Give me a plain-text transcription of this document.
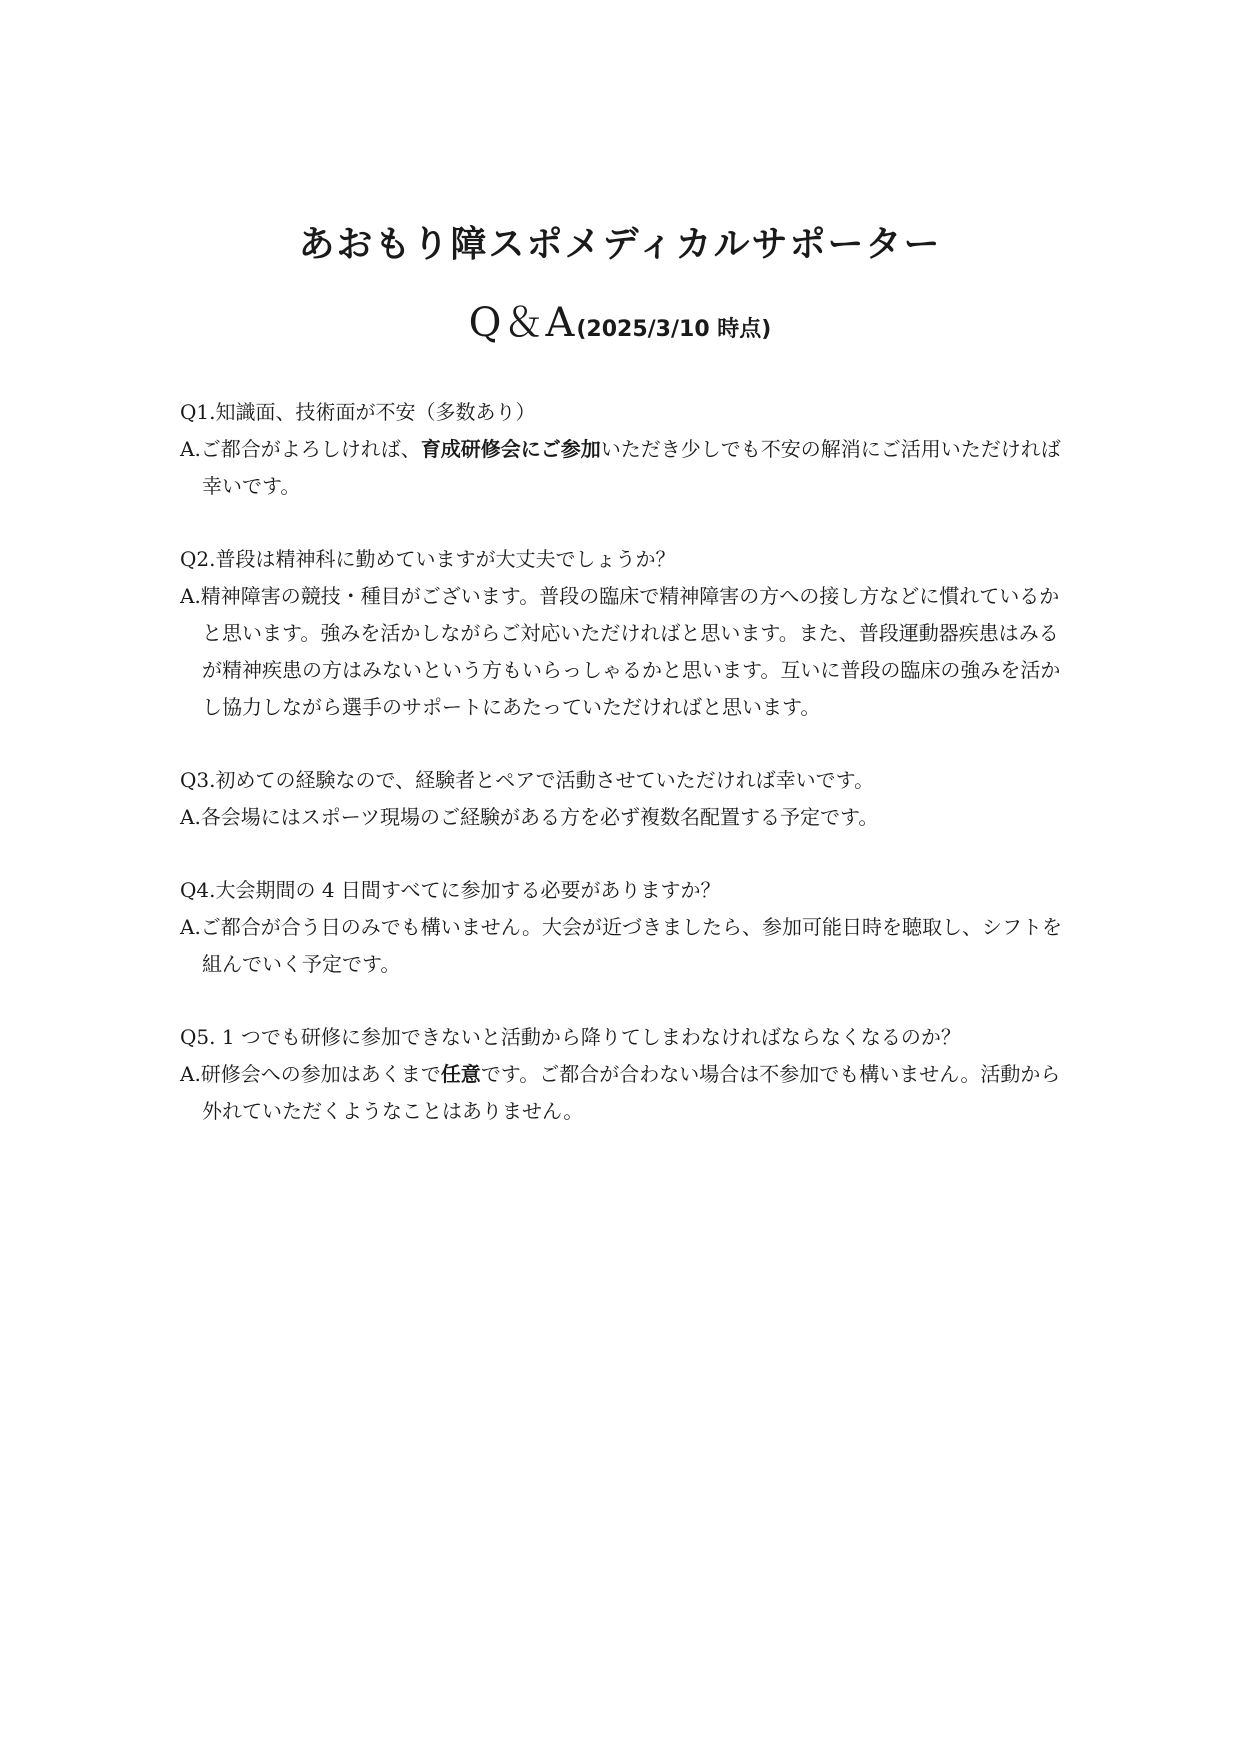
あおもり障スポメディカルサポーター
Q＆A(2025/3/10 時点)

Q1.知識面、技術面が不安（多数あり）

A.ご都合がよろしければ、育成研修会にご参加いただき少しでも不安の解消にご活用いただければ幸いです。

Q2.普段は精神科に勤めていますが大丈夫でしょうか？

A.精神障害の競技・種目がございます。普段の臨床で精神障害の方への接し方などに慣れているかと思います。強みを活かしながらご対応いただければと思います。また、普段運動器疾患はみるが精神疾患の方はみないという方もいらっしゃるかと思います。互いに普段の臨床の強みを活かし協力しながら選手のサポートにあたっていただければと思います。

Q3.初めての経験なので、経験者とペアで活動させていただければ幸いです。

A.各会場にはスポーツ現場のご経験がある方を必ず複数名配置する予定です。

Q4.大会期間の 4 日間すべてに参加する必要がありますか？

A.ご都合が合う日のみでも構いません。大会が近づきましたら、参加可能日時を聴取し、シフトを組んでいく予定です。

Q5. 1 つでも研修に参加できないと活動から降りてしまわなければならなくなるのか？

A.研修会への参加はあくまで任意です。ご都合が合わない場合は不参加でも構いません。活動から外れていただくようなことはありません。
